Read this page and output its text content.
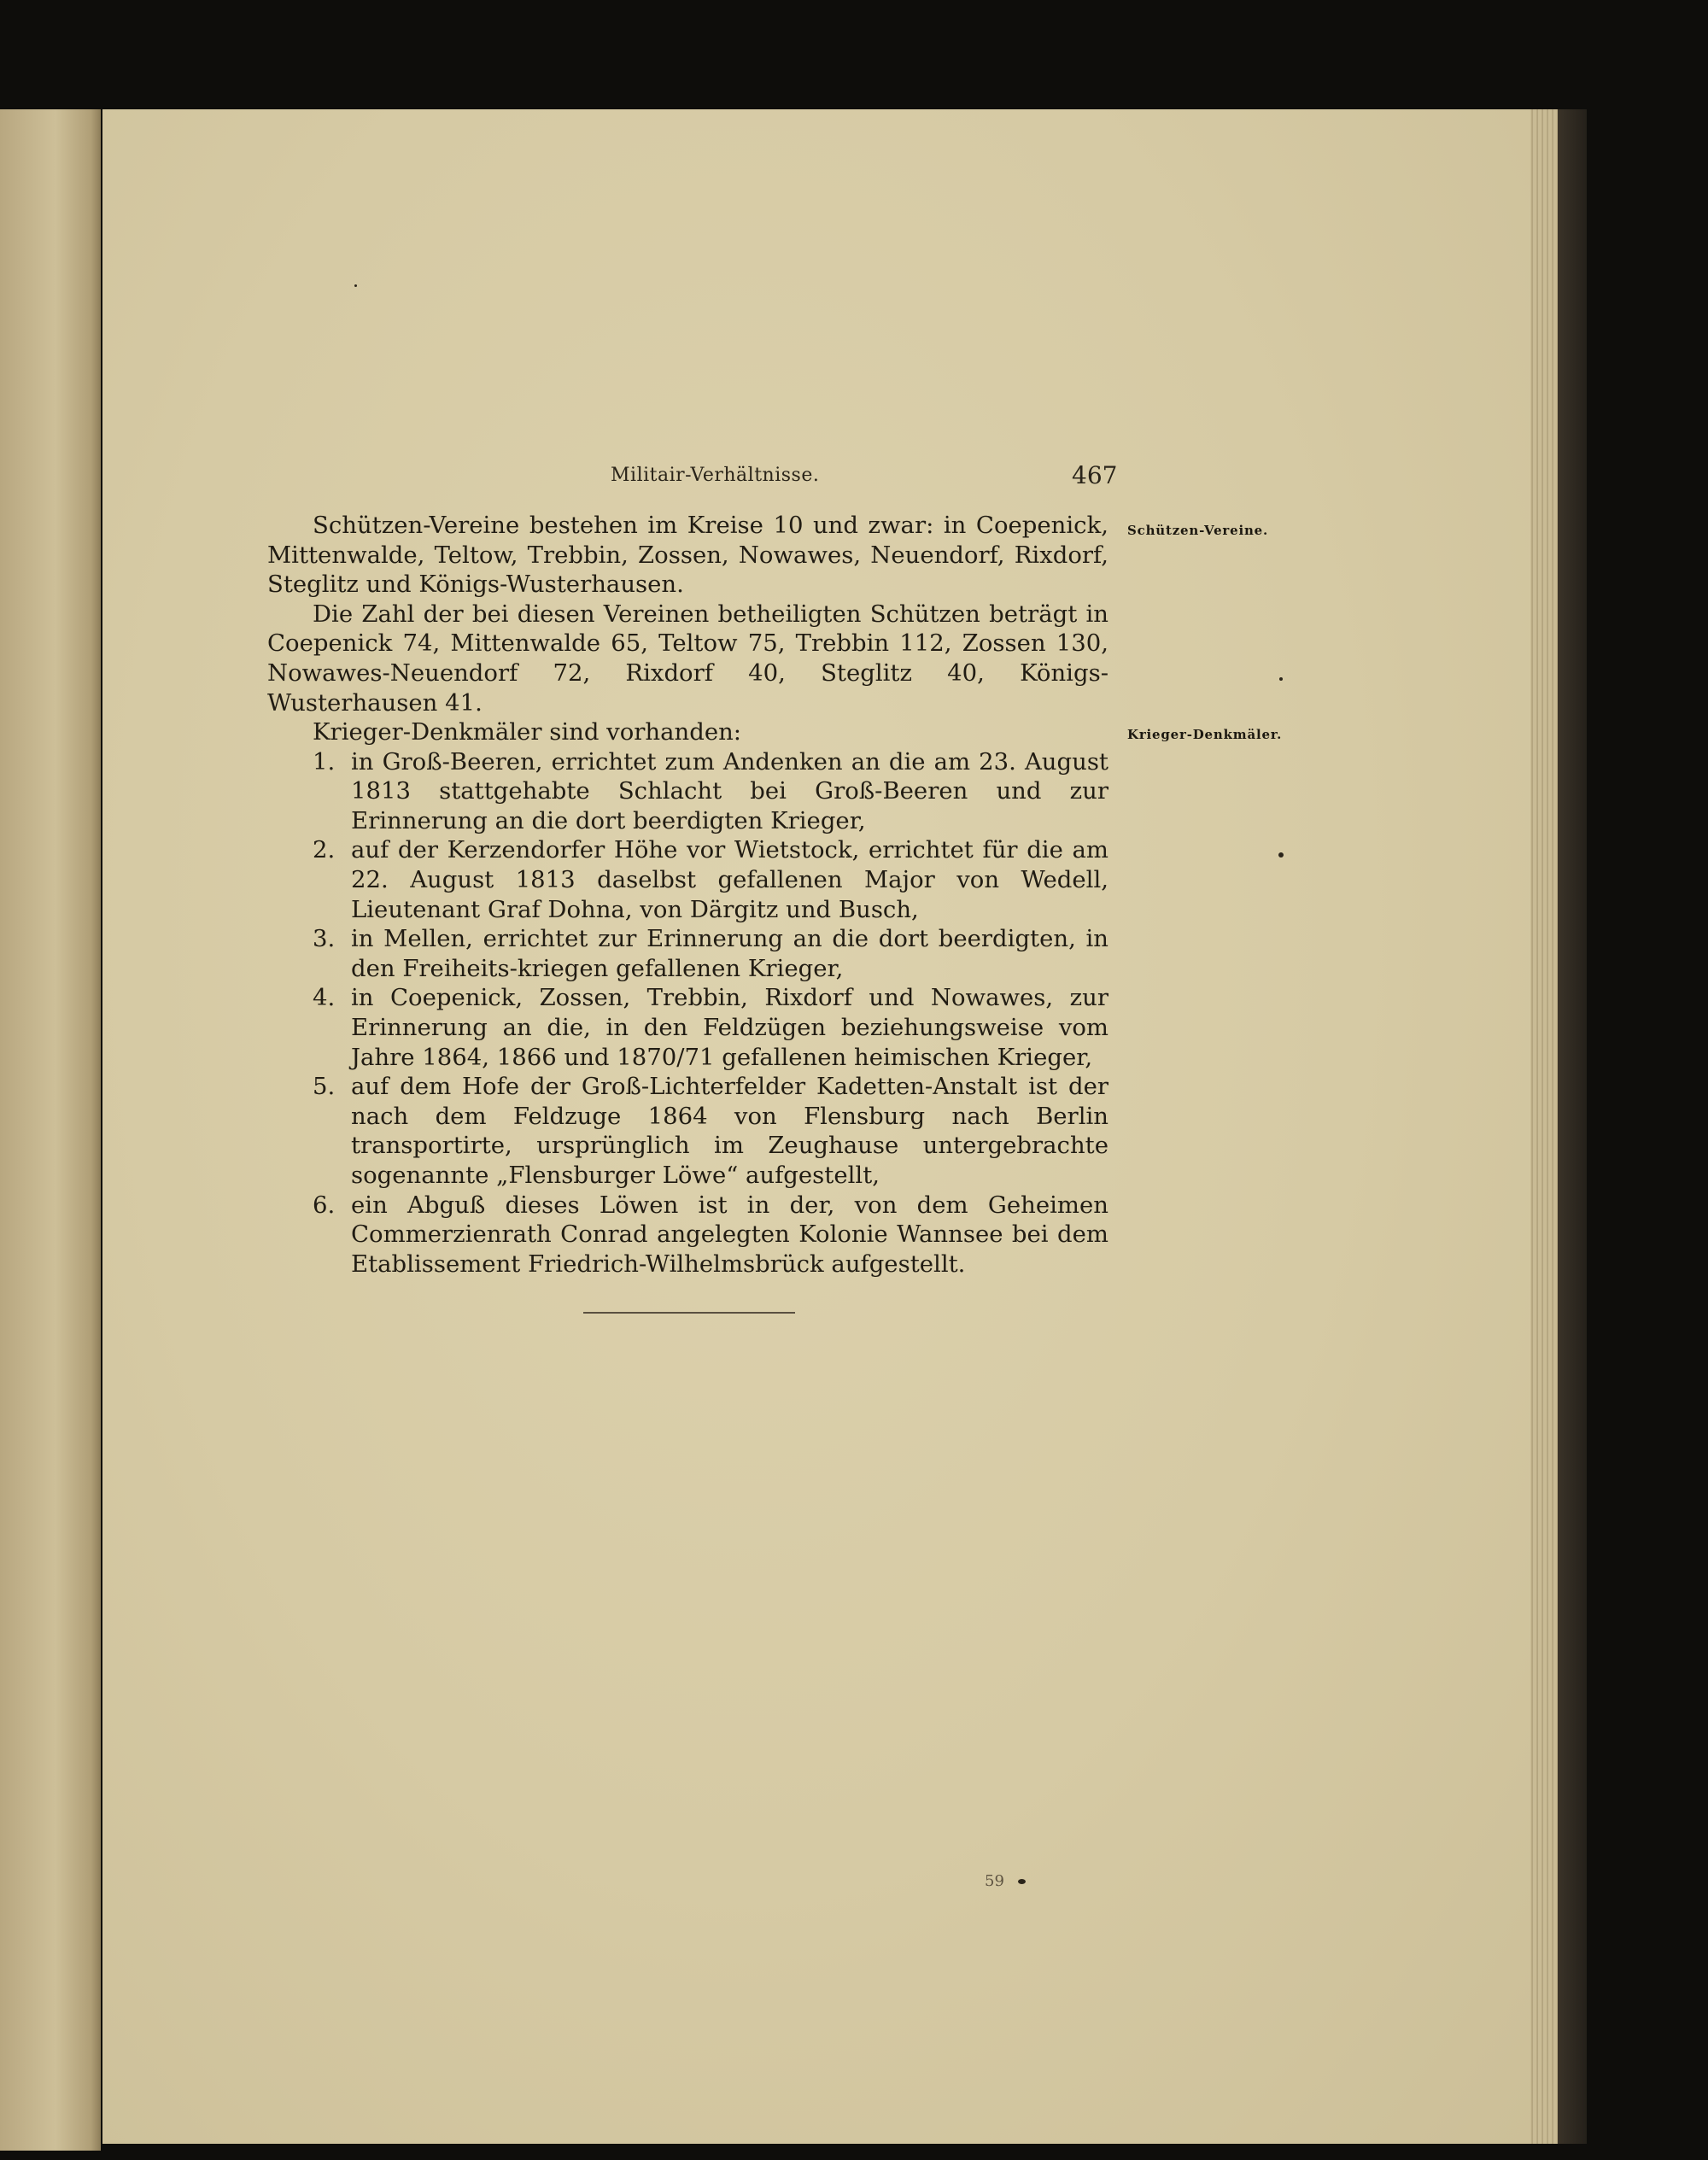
Militair-Verhältnisse.	467
Schützen-Vereine.
Krieger-Denkmäler.

Schützen-Vereine bestehen im Kreise 10 und zwar: in Coepenick, Mittenwalde, Teltow, Trebbin, Zossen, Nowawes, Neuendorf, Rixdorf, Steglitz und Königs-Wusterhausen.

Die Zahl der bei diesen Vereinen betheiligten Schützen beträgt in Coepenick 74, Mittenwalde 65, Teltow 75, Trebbin 112, Zossen 130, Nowawes-Neuendorf 72, Rixdorf 40, Steglitz 40, Königs-Wusterhausen 41.

Krieger-Denkmäler sind vorhanden:

1. in Groß-Beeren, errichtet zum Andenken an die am 23. August 1813 stattgehabte Schlacht bei Groß-Beeren und zur Erinnerung an die dort beerdigten Krieger,
2. auf der Kerzendorfer Höhe vor Wietstock, errichtet für die am 22. August 1813 daselbst gefallenen Major von Wedell, Lieutenant Graf Dohna, von Därgitz und Busch,
3. in Mellen, errichtet zur Erinnerung an die dort beerdigten, in den Freiheits-kriegen gefallenen Krieger,
4. in Coepenick, Zossen, Trebbin, Rixdorf und Nowawes, zur Erinnerung an die, in den Feldzügen beziehungsweise vom Jahre 1864, 1866 und 1870/71 gefallenen heimischen Krieger,
5. auf dem Hofe der Groß-Lichterfelder Kadetten-Anstalt ist der nach dem Feldzuge 1864 von Flensburg nach Berlin transportirte, ursprünglich im Zeughause untergebrachte sogenannte „Flensburger Löwe“ aufgestellt,
6. ein Abguß dieses Löwen ist in der, von dem Geheimen Commerzienrath Conrad angelegten Kolonie Wannsee bei dem Etablissement Friedrich-Wilhelmsbrück aufgestellt.
59
